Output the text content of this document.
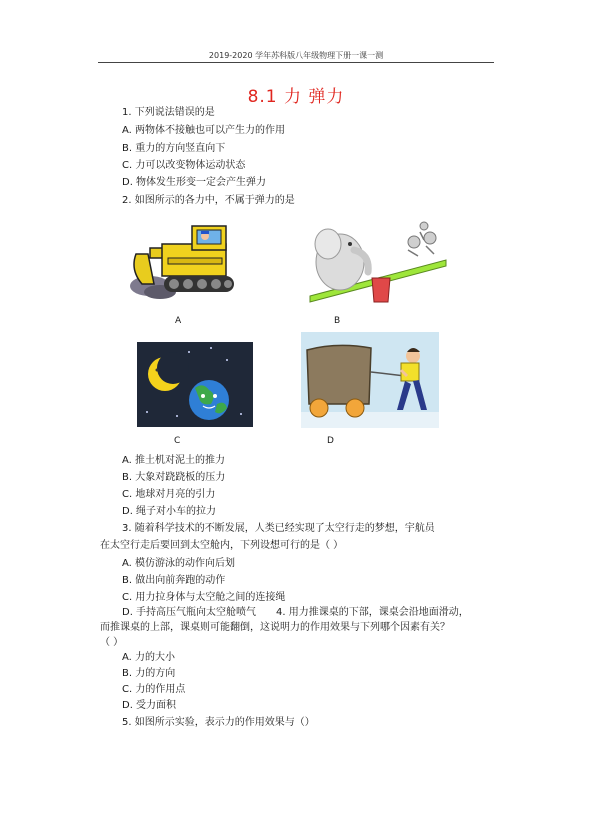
2019-2020 学年苏科版八年级物理下册一课一测
8.1 力 弹力
1. 下列说法错误的是
A. 两物体不接触也可以产生力的作用
B. 重力的方向竖直向下
C. 力可以改变物体运动状态
D. 物体发生形变一定会产生弹力
2. 如图所示的各力中，不属于弹力的是
A	B
C	D
A. 推土机对泥土的推力
B. 大象对跷跷板的压力
C. 地球对月亮的引力
D. 绳子对小车的拉力
3. 随着科学技术的不断发展，人类已经实现了太空行走的梦想，宇航员
在太空行走后要回到太空舱内，下列设想可行的是（ ）
A. 模仿游泳的动作向后划
B. 做出向前奔跑的动作
C. 用力拉身体与太空舱之间的连接绳
D. 手持高压气瓶向太空舱喷气 4. 用力推课桌的下部，课桌会沿地面滑动，
而推课桌的上部，课桌则可能翻倒，这说明力的作用效果与下列哪个因素有关？
（ ）
A. 力的大小
B. 力的方向
C. 力的作用点
D. 受力面积
5. 如图所示实验，表示力的作用效果与（）
